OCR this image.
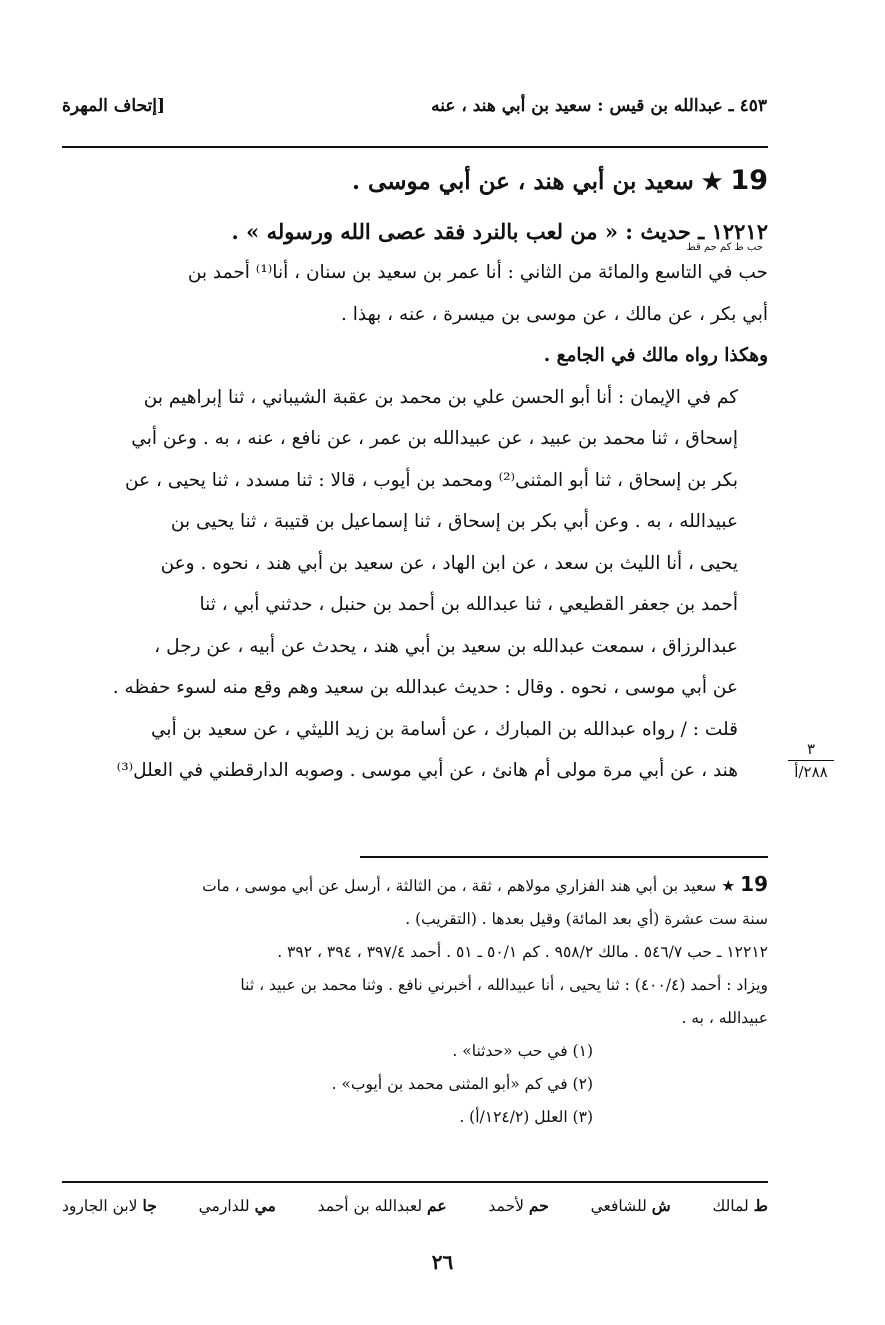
٤٥٣ ـ عبدالله بن قيس : سعيد بن أبي هند ، عنه
[إتحاف المهرة
19 ★ سعيد بن أبي هند ، عن أبي موسى .
١٢٢١٢ ـ حديث : « من لعب بالنرد فقد عصى الله ورسوله » .

حب في التاسع والمائة من الثاني : أنا عمر بن سعيد بن سنان ، أنا⁽¹⁾ أحمد بن
أبي بكر ، عن مالك ، عن موسى بن ميسرة ، عنه ، بهذا .

وهكذا رواه مالك في الجامع .

كم في الإيمان : أنا أبو الحسن علي بن محمد بن عقبة الشيباني ، ثنا إبراهيم بن
إسحاق ، ثنا محمد بن عبيد ، عن عبيدالله بن عمر ، عن نافع ، عنه ، به . وعن أبي
بكر بن إسحاق ، ثنا أبو المثنى⁽²⁾ ومحمد بن أيوب ، قالا : ثنا مسدد ، ثنا يحيى ، عن
عبيدالله ، به . وعن أبي بكر بن إسحاق ، ثنا إسماعيل بن قتيبة ، ثنا يحيى بن
يحيى ، أنا الليث بن سعد ، عن ابن الهاد ، عن سعيد بن أبي هند ، نحوه . وعن
أحمد بن جعفر القطيعي ، ثنا عبدالله بن أحمد بن حنبل ، حدثني أبي ، ثنا
عبدالرزاق ، سمعت عبدالله بن سعيد بن أبي هند ، يحدث عن أبيه ، عن رجل ،
عن أبي موسى ، نحوه . وقال : حديث عبدالله بن سعيد وهم وقع منه لسوء حفظه .

قلت : / رواه عبدالله بن المبارك ، عن أسامة بن زيد الليثي ، عن سعيد بن أبي
هند ، عن أبي مرة مولى أم هانئ ، عن أبي موسى . وصوبه الدارقطني في العلل⁽³⁾

حب ط كم حم قط
٣
٢٨٨/أ

19 ★ سعيد بن أبي هند الفزاري مولاهم ، ثقة ، من الثالثة ، أرسل عن أبي موسى ، مات

سنة ست عشرة (أي بعد المائة) وقيل بعدها . (التقريب) .

١٢٢١٢ ـ حب ٥٤٦/٧ . مالك ٩٥٨/٢ . كم ٥٠/١ ـ ٥١ . أحمد ٣٩٧/٤ ، ٣٩٤ ، ٣٩٢ .

ويزاد : أحمد (٤٠٠/٤) : ثنا يحيى ، أنا عبيدالله ، أخبرني نافع . وثنا محمد بن عبيد ، ثنا

عبيدالله ، به .

(١) في حب «حدثنا» .

(٢) في كم «أبو المثنى محمد بن أيوب» .

(٣) العلل (١٢٤/٢/أ) .

ط لمالك
ش للشافعي
حم لأحمد
عم لعبدالله بن أحمد
مي للدارمي
جا لابن الجارود
٢٦
